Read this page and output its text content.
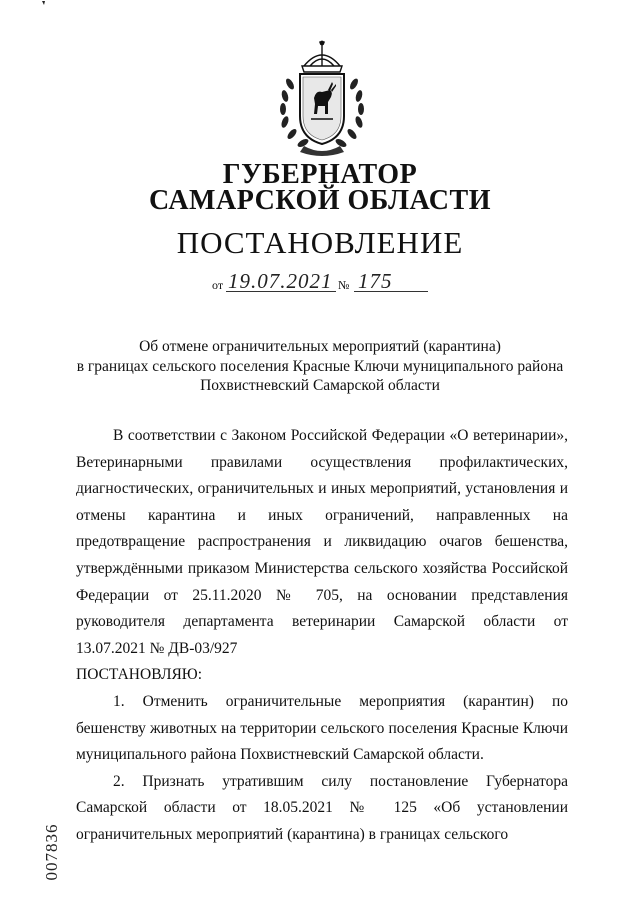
ГУБЕРНАТОР
САМАРСКОЙ ОБЛАСТИ
ПОСТАНОВЛЕНИЕ
от 19.07.2021 № 175
Об отмене ограничительных мероприятий (карантина)
в границах сельского поселения Красные Ключи муниципального района
Похвистневский Самарской области

В соответствии с Законом Российской Федерации «О ветеринарии», Ветеринарными правилами осуществления профилактических, диагностических, ограничительных и иных мероприятий, установления и отмены карантина и иных ограничений, направленных на предотвращение распространения и ликвидацию очагов бешенства, утверждёнными приказом Министерства сельского хозяйства Российской Федерации от 25.11.2020 № 705, на основании представления руководителя департамента ветеринарии Самарской области от 13.07.2021 № ДВ-03/927

ПОСТАНОВЛЯЮ:

1. Отменить ограничительные мероприятия (карантин) по бешенству животных на территории сельского поселения Красные Ключи муниципального района Похвистневский Самарской области.

2. Признать утратившим силу постановление Губернатора Самарской области от 18.05.2021 № 125 «Об установлении ограничительных мероприятий (карантина) в границах сельского

007836
